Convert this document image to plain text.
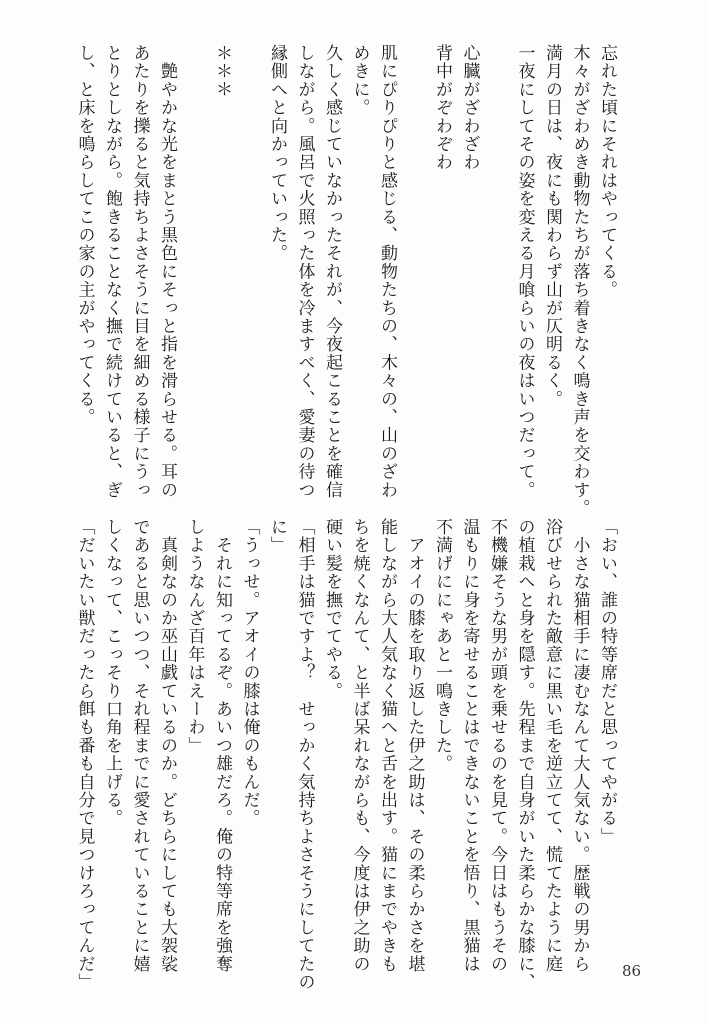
忘れた頃にそれはやってくる。
木々がざわめき動物たちが落ち着きなく鳴き声を交わす。
満月の日は、夜にも関わらず山が仄明るく。
一夜にしてその姿を変える月喰らいの夜はいつだって。
心臓がざわざわ
背中がぞわぞわ
肌にぴりぴりと感じる、動物たちの、木々の、山のざわ
めきに。
久しく感じていなかったそれが、今夜起こることを確信
しながら。風呂で火照った体を冷ますべく、愛妻の待つ
縁側へと向かっていった。
＊＊＊
　艶やかな光をまとう黒色にそっと指を滑らせる。耳の
あたりを擽ると気持ちよさそうに目を細める様子にうっ
とりとしながら。飽きることなく撫で続けていると、ぎ
し、と床を鳴らしてこの家の主がやってくる。
「おい、誰の特等席だと思ってやがる」
　小さな猫相手に凄むなんて大人気ない。歴戦の男から
浴びせられた敵意に黒い毛を逆立てて、慌てたように庭
の植栽へと身を隠す。先程まで自身がいた柔らかな膝に、
不機嫌そうな男が頭を乗せるのを見て。今日はもうその
温もりに身を寄せることはできないことを悟り、黒猫は
不満げににゃあと一鳴きした。
　アオイの膝を取り返した伊之助は、その柔らかさを堪
能しながら大人気なく猫へと舌を出す。猫にまでやきも
ちを焼くなんて、と半ば呆れながらも、今度は伊之助の
硬い髪を撫でてやる。
「相手は猫ですよ？　せっかく気持ちよさそうにしてたの
に」
「うっせ。アオイの膝は俺のもんだ。
　それに知ってるぞ。あいつ雄だろ。俺の特等席を強奪
しようなんざ百年はえーわ」
　真剣なのか巫山戯ているのか。どちらにしても大袈裟
であると思いつつ、それ程までに愛されていることに嬉
しくなって、こっそり口角を上げる。
「だいたい獣だったら餌も番も自分で見つけろってんだ」	86
